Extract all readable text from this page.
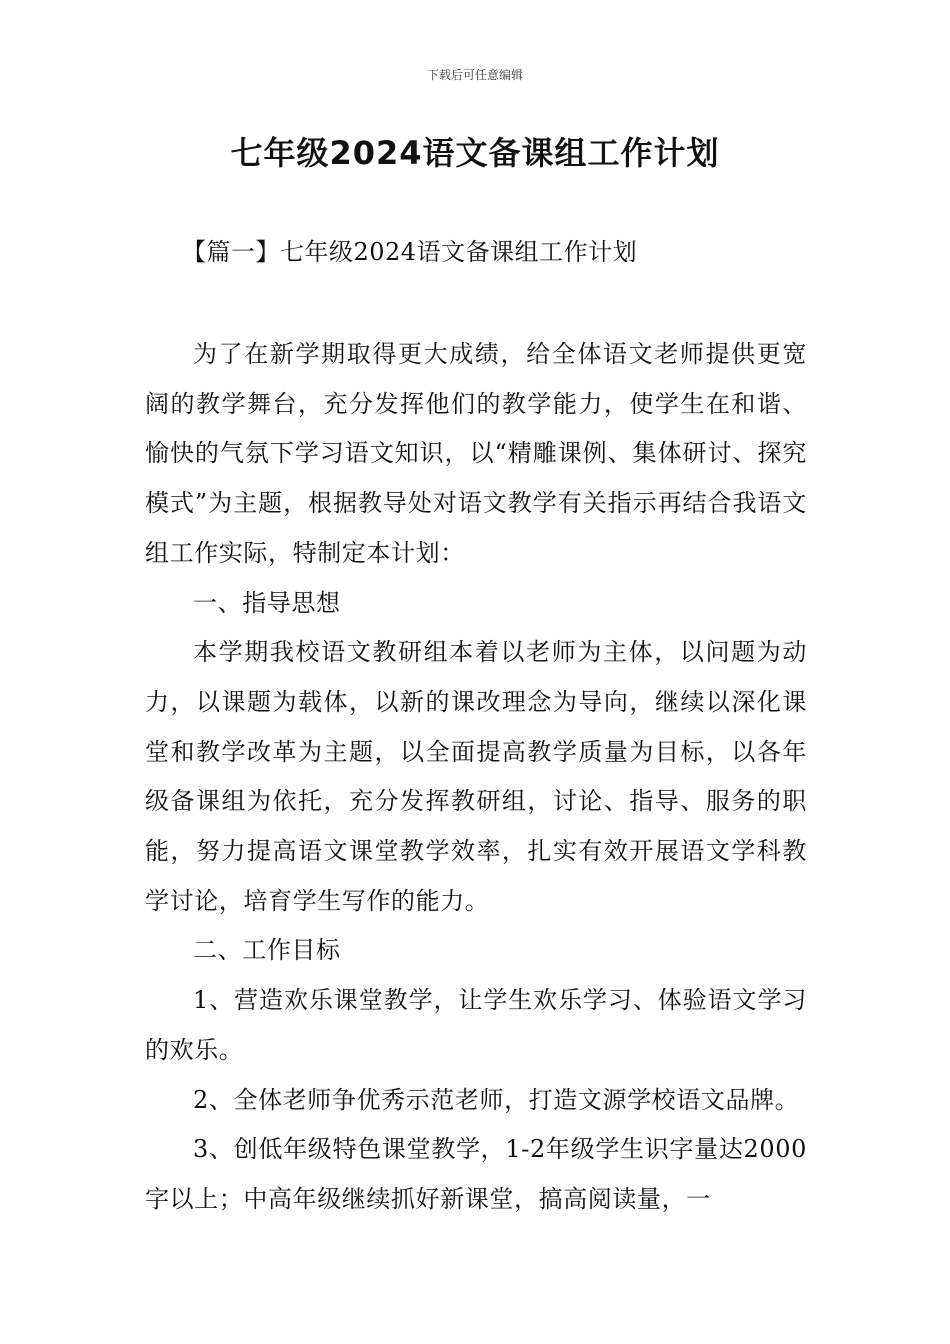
下载后可任意编辑
七年级2024语文备课组工作计划
【篇一】七年级2024语文备课组工作计划

为了在新学期取得更大成绩，给全体语文老师提供更宽阔的教学舞台，充分发挥他们的教学能力，使学生在和谐、愉快的气氛下学习语文知识，以“精雕课例、集体研讨、探究模式”为主题，根据教导处对语文教学有关指示再结合我语文组工作实际，特制定本计划：

一、指导思想

本学期我校语文教研组本着以老师为主体，以问题为动力，以课题为载体，以新的课改理念为导向，继续以深化课堂和教学改革为主题，以全面提高教学质量为目标，以各年级备课组为依托，充分发挥教研组，讨论、指导、服务的职能，努力提高语文课堂教学效率，扎实有效开展语文学科教学讨论，培育学生写作的能力。

二、工作目标

1、营造欢乐课堂教学，让学生欢乐学习、体验语文学习的欢乐。

2、全体老师争优秀示范老师，打造文源学校语文品牌。

3、创低年级特色课堂教学，1-2年级学生识字量达2000字以上；中高年级继续抓好新课堂，搞高阅读量，一
